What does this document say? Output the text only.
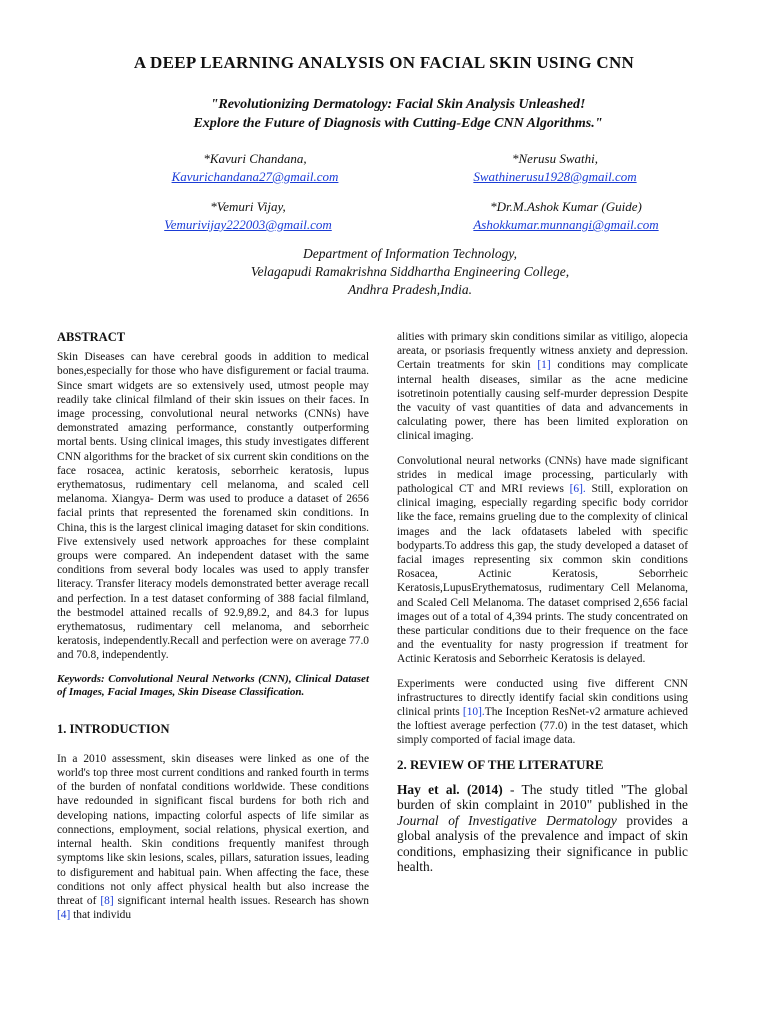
A DEEP LEARNING ANALYSIS ON FACIAL SKIN USING CNN
"Revolutionizing Dermatology: Facial Skin Analysis Unleashed!
Explore the Future of Diagnosis with Cutting-Edge CNN Algorithms."
*Kavuri Chandana,
Kavurichandana27@gmail.com
*Nerusu Swathi,
Swathinerusu1928@gmail.com
*Vemuri Vijay,
Vemurivijay222003@gmail.com
*Dr.M.Ashok Kumar (Guide)
Ashokkumar.munnangi@gmail.com
Department of Information Technology,
Velagapudi Ramakrishna Siddhartha Engineering College,
Andhra Pradesh,India.
ABSTRACT

Skin Diseases can have cerebral goods in addition to medical bones,especially for those who have disfigurement or facial trauma. Since smart widgets are so extensively used, utmost people may readily take clinical filmland of their skin issues on their faces. In image processing, convolutional neural networks (CNNs) have demonstrated amazing performance, constantly outperforming mortal bents. Using clinical images, this study investigates different CNN algorithms for the bracket of six current skin conditions on the face rosacea, actinic keratosis, seborrheic keratosis, lupus erythematosus, rudimentary cell melanoma, and scaled cell melanoma. Xiangya- Derm was used to produce a dataset of 2656 facial prints that represented the forenamed skin conditions. In China, this is the largest clinical imaging dataset for skin conditions. Five extensively used network approaches for these complaint groups were compared. An independent dataset with the same conditions from several body locales was used to apply transfer literacy. Transfer literacy models demonstrated better average recall and perfection. In a test dataset conforming of 388 facial filmland, the bestmodel attained recalls of 92.9,89.2, and 84.3 for lupus erythematosus, rudimentary cell melanoma, and seborrheic keratosis, independently.Recall and perfection were on average 77.0 and 70.8, independently.

Keywords: Convolutional Neural Networks (CNN), Clinical Dataset of Images, Facial Images, Skin Disease Classification.
1. INTRODUCTION

In a 2010 assessment, skin diseases were linked as one of the world's top three most current conditions and ranked fourth in terms of the burden of nonfatal conditions worldwide. These conditions have redounded in significant fiscal burdens for both rich and developing nations, impacting colorful aspects of life similar as connections, employment, social relations, physical exertion, and internal health. Skin conditions frequently manifest through symptoms like skin lesions, scales, pillars, saturation issues, leading to disfigurement and habitual pain. When affecting the face, these conditions not only affect physical health but also increase the threat of [8] significant internal health issues. Research has shown [4] that individu

alities with primary skin conditions similar as vitiligo, alopecia areata, or psoriasis frequently witness anxiety and depression. Certain treatments for skin [1] conditions may complicate internal health diseases, similar as the acne medicine isotretinoin potentially causing self-murder depression Despite the vacuity of vast quantities of data and advancements in calculating power, there has been limited exploration on clinical imaging.

Convolutional neural networks (CNNs) have made significant strides in medical image processing, particularly with pathological CT and MRI reviews [6]. Still, exploration on clinical imaging, especially regarding specific body corridor like the face, remains grueling due to the complexity of clinical images and the lack ofdatasets labeled with specific bodyparts.To address this gap, the study developed a dataset of facial images representing six common skin conditions Rosacea, Actinic Keratosis, Seborrheic Keratosis,LupusErythematosus, rudimentary Cell Melanoma, and Scaled Cell Melanoma. The dataset comprised 2,656 facial images out of a total of 4,394 prints. The study concentrated on these particular conditions due to their frequence on the face and the eventuality for nasty progression if treatment for Actinic Keratosis and Seborrheic Keratosis is delayed.

Experiments were conducted using five different CNN infrastructures to directly identify facial skin conditions using clinical prints [10].The Inception ResNet-v2 armature achieved the loftiest average perfection (77.0) in the test dataset, which simply comported of facial image data.

2. REVIEW OF THE LITERATURE

Hay et al. (2014) - The study titled "The global burden of skin complaint in 2010" published in the Journal of Investigative Dermatology provides a global analysis of the prevalence and impact of skin conditions, emphasizing their significance in public health.
